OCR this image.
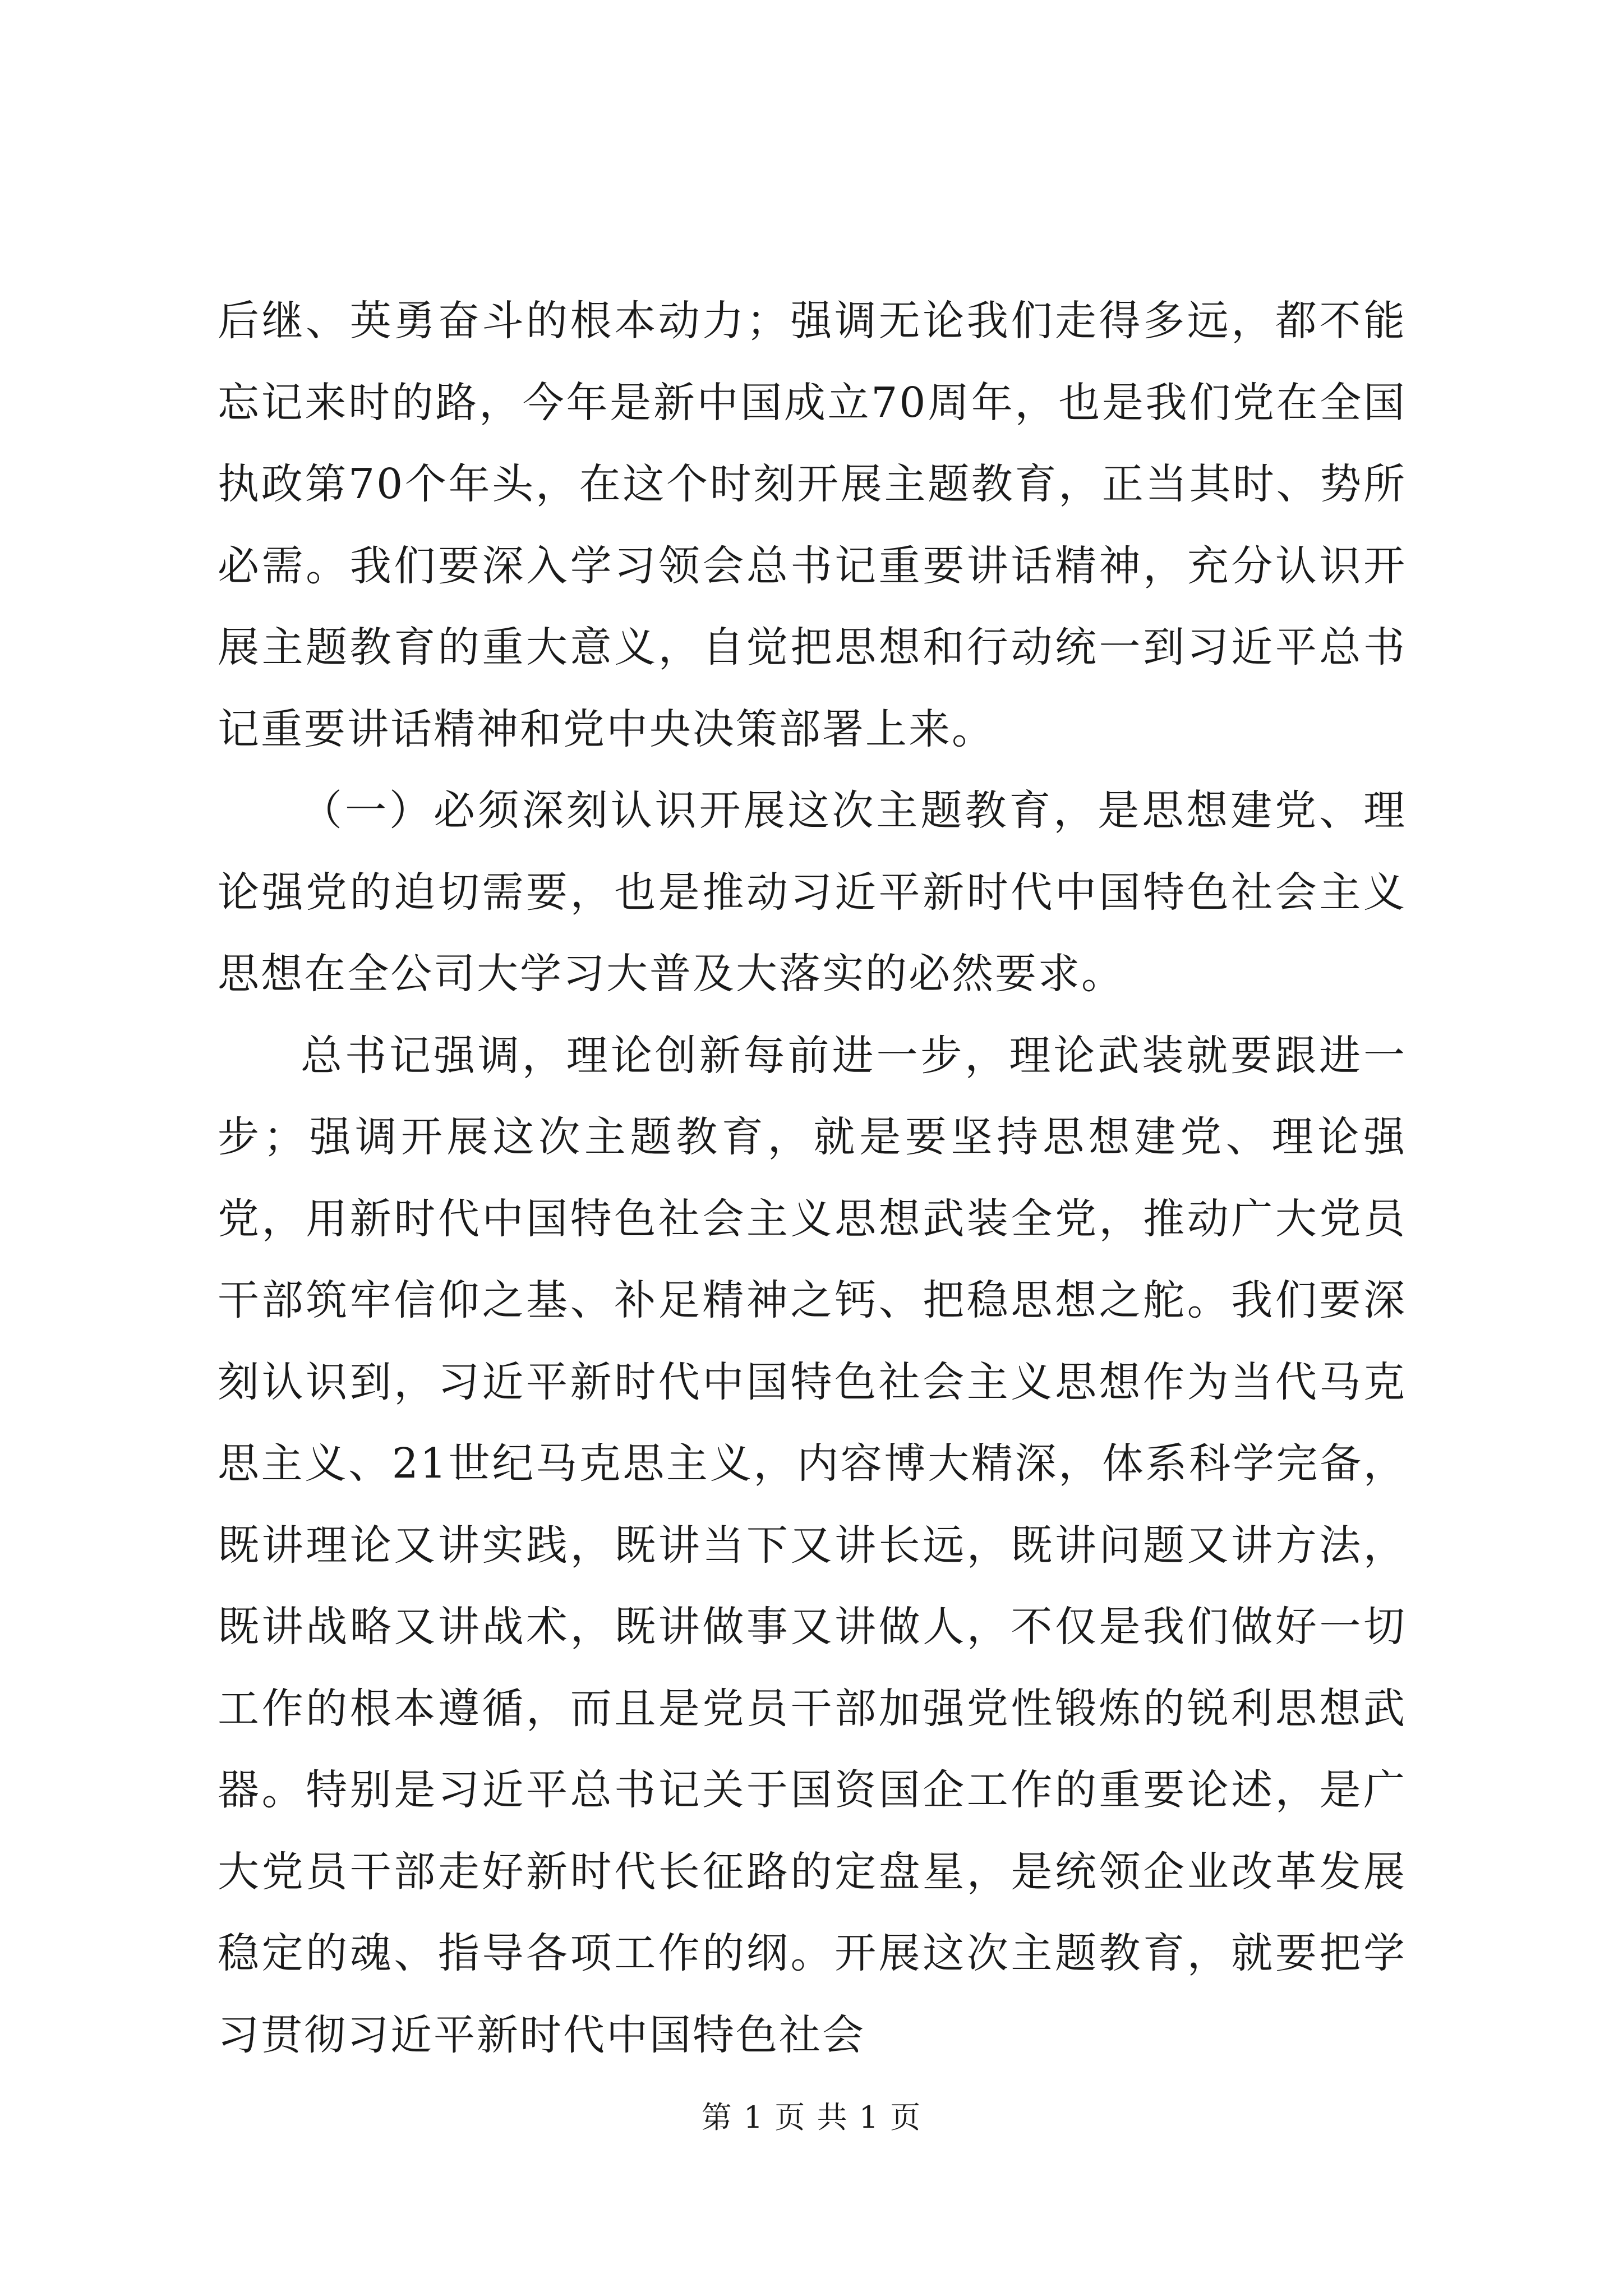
后继、英勇奋斗的根本动力；强调无论我们走得多远，都不能忘记来时的路，今年是新中国成立70周年，也是我们党在全国执政第70个年头，在这个时刻开展主题教育，正当其时、势所必需。我们要深入学习领会总书记重要讲话精神，充分认识开展主题教育的重大意义，自觉把思想和行动统一到习近平总书记重要讲话精神和党中央决策部署上来。

（一）必须深刻认识开展这次主题教育，是思想建党、理论强党的迫切需要，也是推动习近平新时代中国特色社会主义思想在全公司大学习大普及大落实的必然要求。

总书记强调，理论创新每前进一步，理论武装就要跟进一步；强调开展这次主题教育，就是要坚持思想建党、理论强党，用新时代中国特色社会主义思想武装全党，推动广大党员干部筑牢信仰之基、补足精神之钙、把稳思想之舵。我们要深刻认识到，习近平新时代中国特色社会主义思想作为当代马克思主义、21世纪马克思主义，内容博大精深，体系科学完备，既讲理论又讲实践，既讲当下又讲长远，既讲问题又讲方法，既讲战略又讲战术，既讲做事又讲做人，不仅是我们做好一切工作的根本遵循，而且是党员干部加强党性锻炼的锐利思想武器。特别是习近平总书记关于国资国企工作的重要论述，是广大党员干部走好新时代长征路的定盘星，是统领企业改革发展稳定的魂、指导各项工作的纲。开展这次主题教育，就要把学习贯彻习近平新时代中国特色社会

第 1 页 共 1 页
